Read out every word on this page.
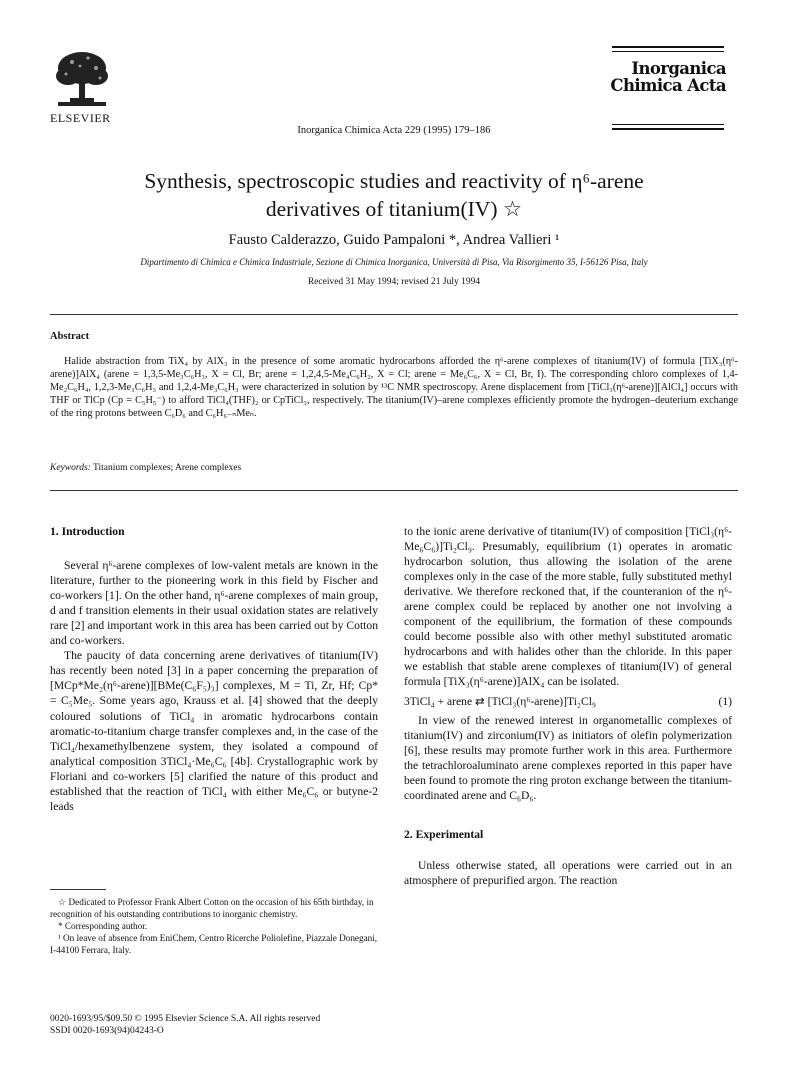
ELSEVIER
Inorganica Chimica Acta 229 (1995) 179–186
Inorganica
Chimica Acta
Synthesis, spectroscopic studies and reactivity of η⁶-arene
derivatives of titanium(IV) ☆
Fausto Calderazzo, Guido Pampaloni *, Andrea Vallieri ¹
Dipartimento di Chimica e Chimica Industriale, Sezione di Chimica Inorganica, Università di Pisa, Via Risorgimento 35, I-56126 Pisa, Italy
Received 31 May 1994; revised 21 July 1994
Abstract
Halide abstraction from TiX₄ by AlX₃ in the presence of some aromatic hydrocarbons afforded the η⁶-arene complexes of titanium(IV) of formula [TiX₃(η⁶-arene)]AlX₄ (arene = 1,3,5-Me₃C₆H₃, X = Cl, Br; arene = 1,2,4,5-Me₄C₆H₂, X = Cl; arene = Me₆C₆, X = Cl, Br, I). The corresponding chloro complexes of 1,4-Me₂C₆H₄, 1,2,3-Me₃C₆H₃ and 1,2,4-Me₃C₆H₃ were characterized in solution by ¹³C NMR spectroscopy. Arene displacement from [TiCl₃(η⁶-arene)][AlCl₄] occurs with THF or TlCp (Cp = C₅H₅⁻) to afford TiCl₄(THF)₂ or CpTiCl₃, respectively. The titanium(IV)–arene complexes efficiently promote the hydrogen–deuterium exchange of the ring protons between C₆D₆ and C₆H₆₋ₙMeₙ.
Keywords: Titanium complexes; Arene complexes
1. Introduction

Several η⁶-arene complexes of low-valent metals are known in the literature, further to the pioneering work in this field by Fischer and co-workers [1]. On the other hand, η⁶-arene complexes of main group, d and f transition elements in their usual oxidation states are relatively rare [2] and important work in this area has been carried out by Cotton and co-workers.

The paucity of data concerning arene derivatives of titanium(IV) has recently been noted [3] in a paper concerning the preparation of [MCp*Me₂(η⁶-arene)][BMe(C₆F₅)₃] complexes, M = Ti, Zr, Hf; Cp* = C₅Me₅. Some years ago, Krauss et al. [4] showed that the deeply coloured solutions of TiCl₄ in aromatic hydrocarbons contain aromatic-to-titanium charge transfer complexes and, in the case of the TiCl₄/hexamethylbenzene system, they isolated a compound of analytical composition 3TiCl₄·Me₆C₆ [4b]. Crystallographic work by Floriani and co-workers [5] clarified the nature of this product and established that the reaction of TiCl₄ with either Me₆C₆ or butyne-2 leads

☆ Dedicated to Professor Frank Albert Cotton on the occasion of his 65th birthday, in recognition of his outstanding contributions to inorganic chemistry.
* Corresponding author.
¹ On leave of absence from EniChem, Centro Ricerche Poliolefine, Piazzale Donegani, I-44100 Ferrara, Italy.
0020-1693/95/$09.50 © 1995 Elsevier Science S.A. All rights reserved
SSDI 0020-1693(94)04243-O

to the ionic arene derivative of titanium(IV) of composition [TiCl₃(η⁶-Me₆C₆)]Ti₂Cl₉. Presumably, equilibrium (1) operates in aromatic hydrocarbon solution, thus allowing the isolation of the arene complexes only in the case of the more stable, fully substituted methyl derivative. We therefore reckoned that, if the counteranion of the η⁶-arene complex could be replaced by another one not involving a component of the equilibrium, the formation of these compounds could become possible also with other methyl substituted aromatic hydrocarbons and with halides other than the chloride. In this paper we establish that stable arene complexes of titanium(IV) of general formula [TiX₃(η⁶-arene)]AlX₄ can be isolated.

3TiCl₄ + arene ⇄ [TiCl₃(η⁶-arene)]Ti₂Cl₉	(1)

In view of the renewed interest in organometallic complexes of titanium(IV) and zirconium(IV) as initiators of olefin polymerization [6], these results may promote further work in this area. Furthermore the tetrachloroaluminato arene complexes reported in this paper have been found to promote the ring proton exchange between the titanium-coordinated arene and C₆D₆.

2. Experimental

Unless otherwise stated, all operations were carried out in an atmosphere of prepurified argon. The reaction
